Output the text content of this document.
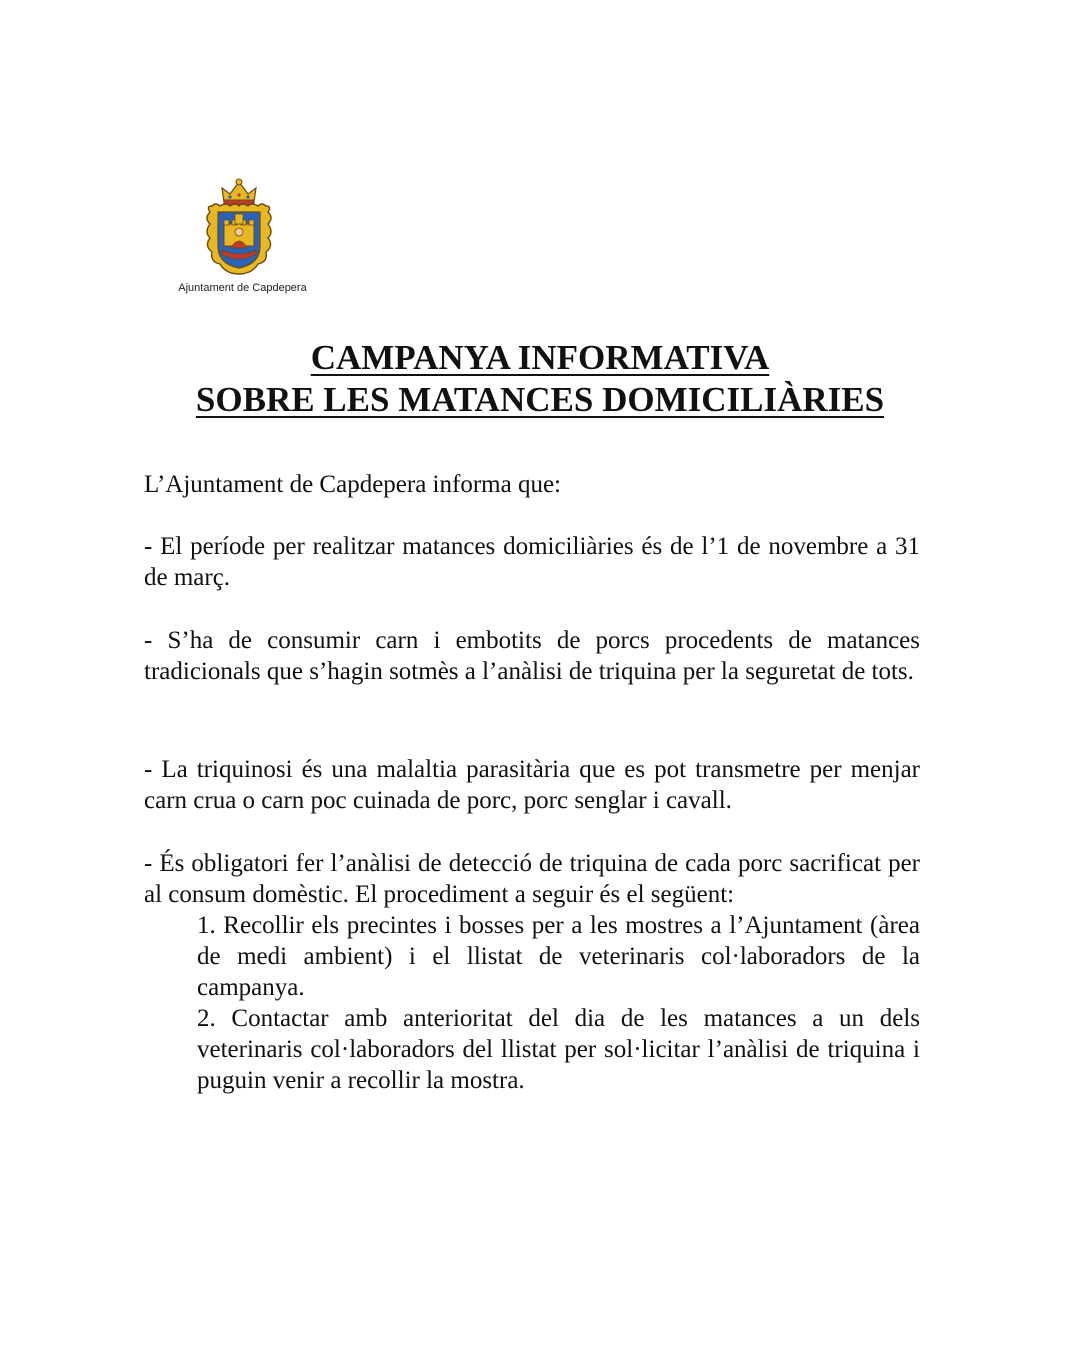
Ajuntament de Capdepera
CAMPANYA INFORMATIVA
SOBRE LES MATANCES DOMICILIÀRIES

L’Ajuntament de Capdepera informa que:

- El període per realitzar matances domiciliàries és de l’1 de novembre a 31 de març.

- S’ha de consumir carn i embotits de porcs procedents de matances tradicionals que s’hagin sotmès a l’anàlisi de triquina per la seguretat de tots.

- La triquinosi és una malaltia parasitària que es pot transmetre per menjar carn crua o carn poc cuinada de porc, porc senglar i cavall.

- És obligatori fer l’anàlisi de detecció de triquina de cada porc sacrificat per al consum domèstic. El procediment a seguir és el següent:

1. Recollir els precintes i bosses per a les mostres a l’Ajuntament (àrea de medi ambient) i el llistat de veterinaris col·laboradors de la campanya.

2. Contactar amb anterioritat del dia de les matances a un dels veterinaris col·laboradors del llistat per sol·licitar l’anàlisi de triquina i puguin venir a recollir la mostra.
